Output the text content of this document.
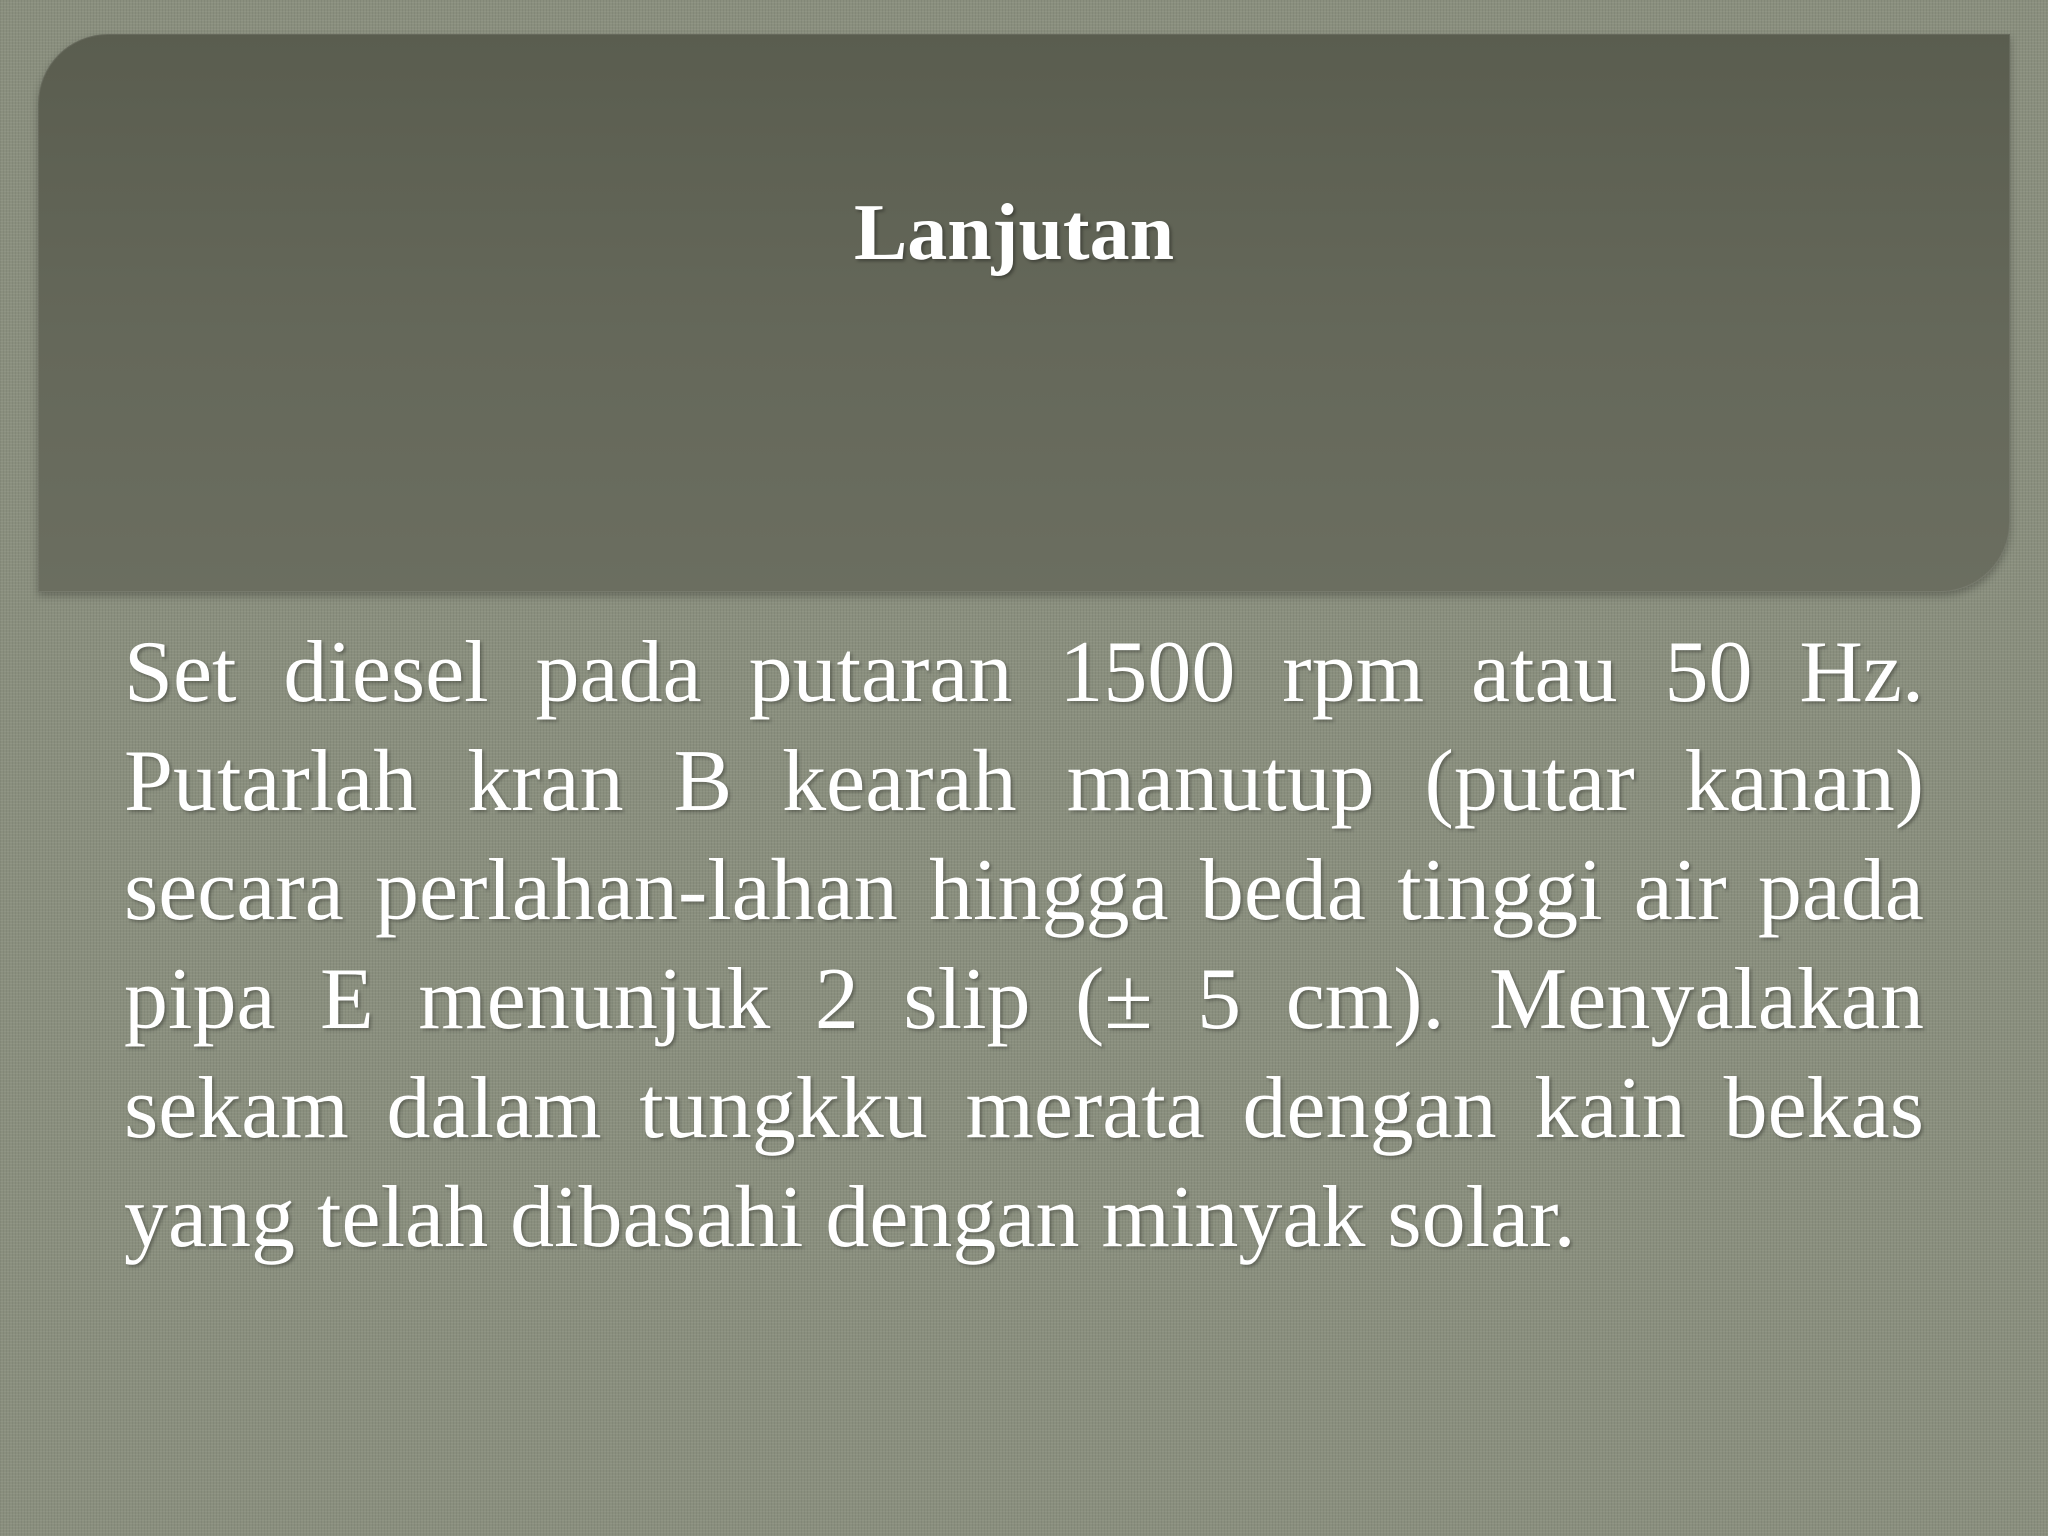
Lanjutan

Set diesel pada putaran 1500 rpm atau 50 Hz. Putarlah kran B kearah manutup (putar kanan) secara perlahan-lahan hingga beda tinggi air pada pipa E menunjuk 2 slip (± 5 cm). Menyalakan sekam dalam tungkku merata dengan kain bekas yang telah dibasahi dengan minyak solar.
